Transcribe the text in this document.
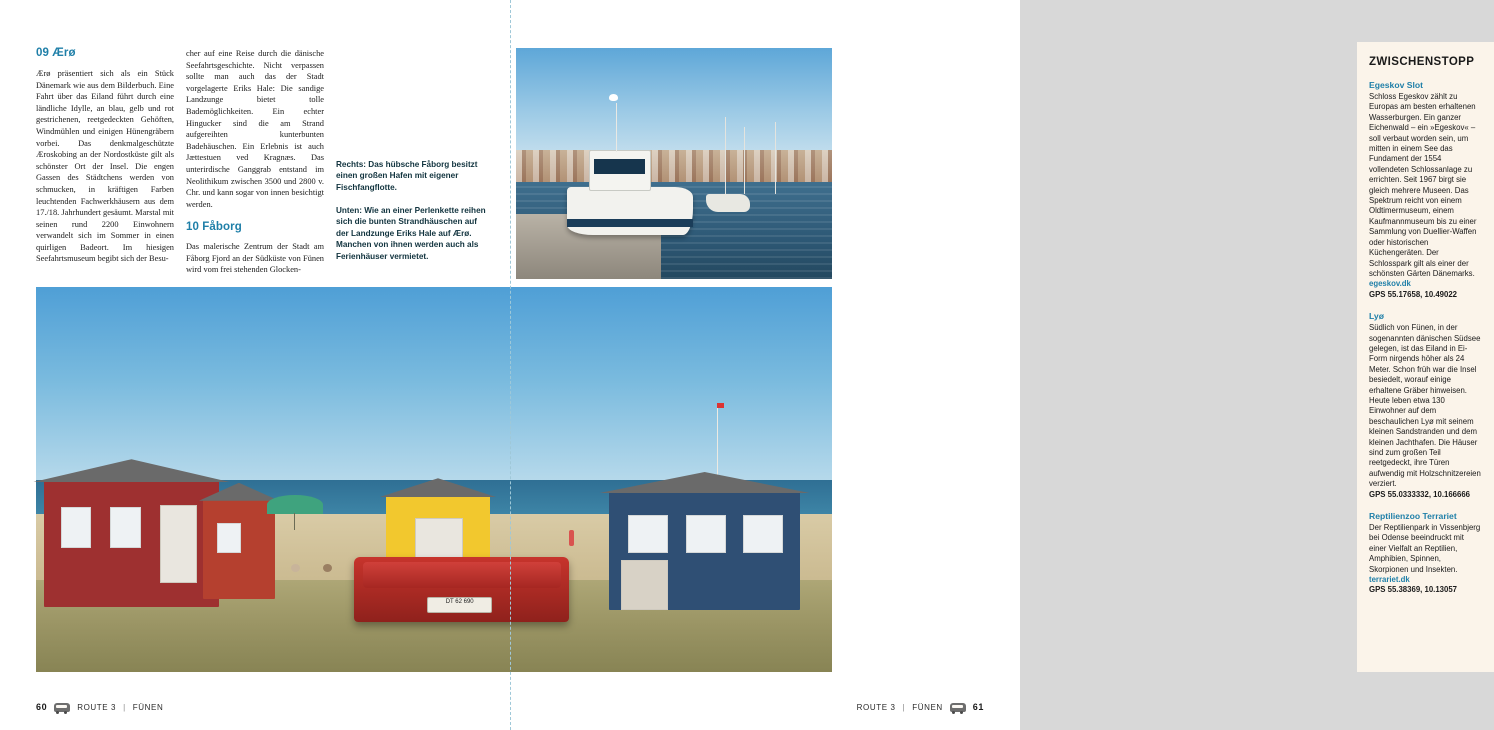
09 Ærø

Ærø präsentiert sich als ein Stück Dänemark wie aus dem Bilderbuch. Eine Fahrt über das Eiland führt durch eine ländliche Idylle, an blau, gelb und rot gestrichenen, reetgedeckten Gehöften, Windmühlen und einigen Hünengräbern vorbei. Das denkmalgeschützte Æroskobing an der Nordostküste gilt als schönster Ort der Insel. Die engen Gassen des Städtchens werden von schmucken, in kräftigen Farben leuchtenden Fachwerkhäusern aus dem 17./18. Jahrhundert gesäumt. Marstal mit seinen rund 2200 Einwohnern verwandelt sich im Sommer in einen quirligen Badeort. Im hiesigen Seefahrtsmuseum begibt sich der Besu-

cher auf eine Reise durch die dänische Seefahrtsgeschichte. Nicht verpassen sollte man auch das der Stadt vorgelagerte Eriks Hale: Die sandige Landzunge bietet tolle Bademöglichkeiten. Ein echter Hingucker sind die am Strand aufgereihten kunterbunten Badehäuschen. Ein Erlebnis ist auch Jættestuen ved Kragnæs. Das unterirdische Ganggrab entstand im Neolithikum zwischen 3500 und 2800 v. Chr. und kann sogar von innen besichtigt werden.

10 Fåborg

Das malerische Zentrum der Stadt am Fåborg Fjord an der Südküste von Fünen wird vom frei stehenden Glocken-

Rechts: Das hübsche Fåborg besitzt einen großen Hafen mit eigener Fischfangflotte.
Unten: Wie an einer Perlenkette reihen sich die bunten Strandhäuschen auf der Landzunge Eriks Hale auf Ærø. Manchen von ihnen werden auch als Ferienhäuser vermietet.
60	ROUTE 3 | FÜNEN
ZWISCHENSTOPP
Egeskov Slot

Schloss Egeskov zählt zu Europas am besten erhaltenen Wasserburgen. Ein ganzer Eichenwald – ein »Egeskov« – soll verbaut worden sein, um mitten in einem See das Fundament der 1554 vollendeten Schlossanlage zu errichten. Seit 1967 birgt sie gleich mehrere Museen. Das Spektrum reicht von einem Oldtimermuseum, einem Kaufmannmuseum bis zu einer Sammlung von Duellier-Waffen oder historischen Küchengeräten. Der Schlosspark gilt als einer der schönsten Gärten Dänemarks.

egeskov.dk

GPS 55.17658, 10.49022

Lyø

Südlich von Fünen, in der sogenannten dänischen Südsee gelegen, ist das Eiland in Ei-Form nirgends höher als 24 Meter. Schon früh war die Insel besiedelt, worauf einige erhaltene Gräber hinweisen. Heute leben etwa 130 Einwohner auf dem beschaulichen Lyø mit seinem kleinen Sandstranden und dem kleinen Jachthafen. Die Häuser sind zum großen Teil reetgedeckt, ihre Türen aufwendig mit Holzschnitzereien verziert.

GPS 55.0333332, 10.166666

Reptilienzoo Terrariet

Der Reptilienpark in Vissenbjerg bei Odense beeindruckt mit einer Vielfalt an Reptilien, Amphibien, Spinnen, Skorpionen und Insekten.

terrariet.dk

GPS 55.38369, 10.13057

ROUTE 3 | FÜNEN	61
DT 62 690
